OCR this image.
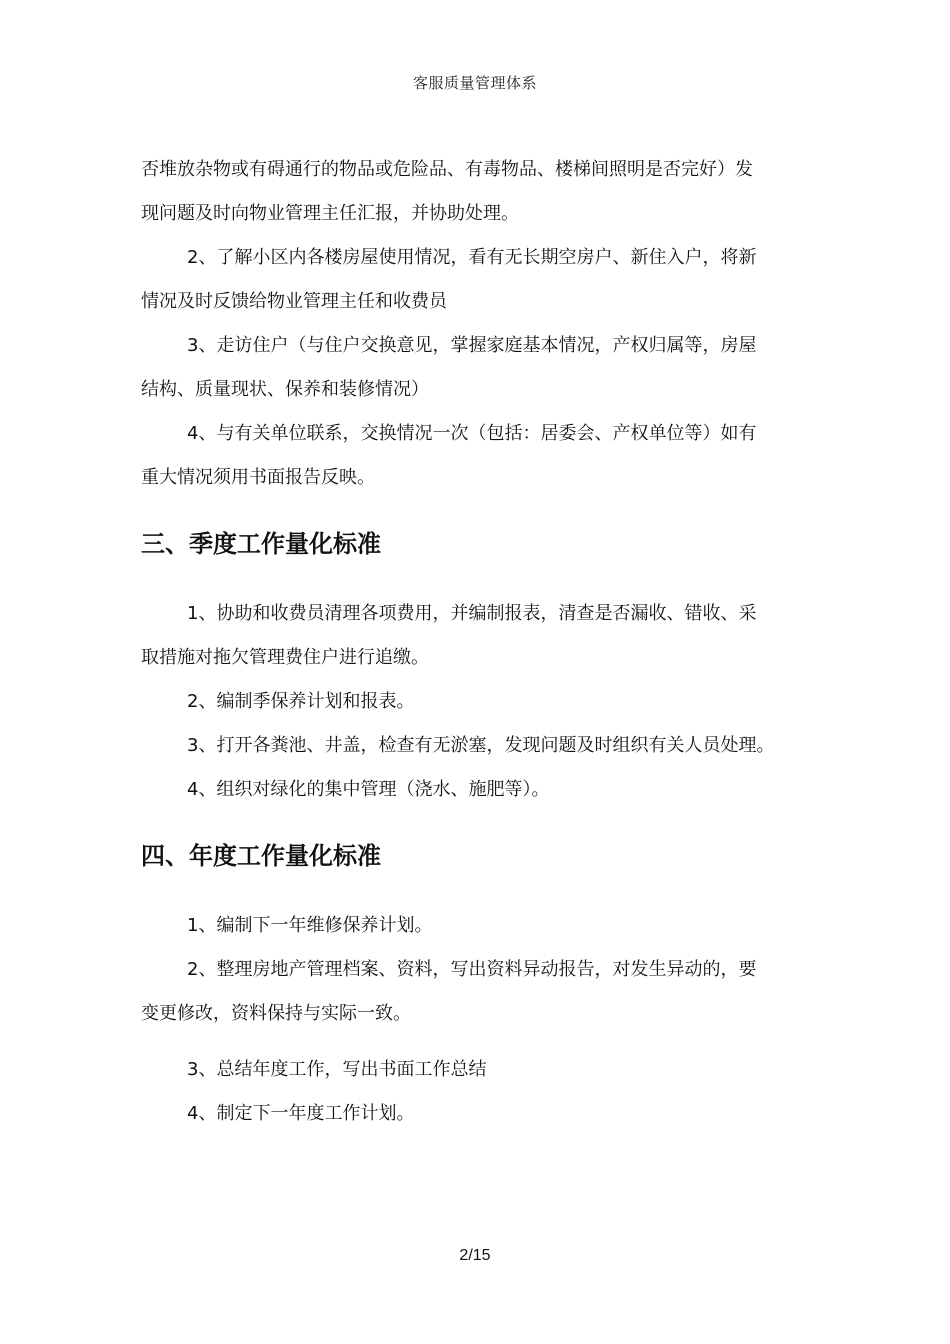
客服质量管理体系

否堆放杂物或有碍通行的物品或危险品、有毒物品、楼梯间照明是否完好）发

现问题及时向物业管理主任汇报，并协助处理。

2、了解小区内各楼房屋使用情况，看有无长期空房户、新住入户，将新

情况及时反馈给物业管理主任和收费员

3、走访住户（与住户交换意见，掌握家庭基本情况，产权归属等，房屋

结构、质量现状、保养和装修情况）

4、与有关单位联系，交换情况一次（包括：居委会、产权单位等）如有

重大情况须用书面报告反映。

三、季度工作量化标准

1、协助和收费员清理各项费用，并编制报表，清查是否漏收、错收、采

取措施对拖欠管理费住户进行追缴。

2、编制季保养计划和报表。

3、打开各粪池、井盖，检查有无淤塞，发现问题及时组织有关人员处理。

4、组织对绿化的集中管理（浇水、施肥等）。

四、年度工作量化标准

1、编制下一年维修保养计划。

2、整理房地产管理档案、资料，写出资料异动报告，对发生异动的，要

变更修改，资料保持与实际一致。

3、总结年度工作，写出书面工作总结

4、制定下一年度工作计划。

2/15
